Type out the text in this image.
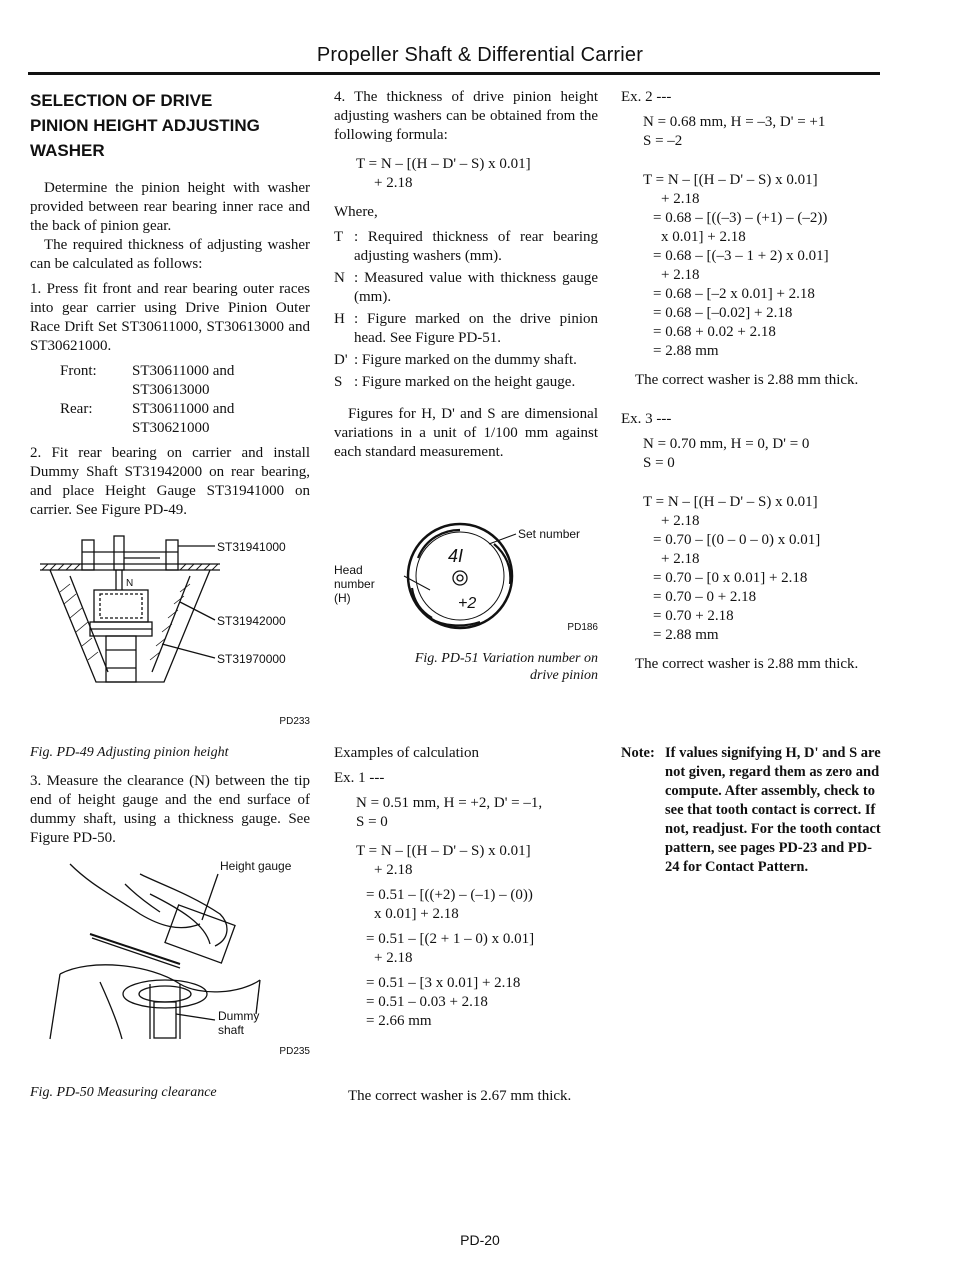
Propeller Shaft & Differential Carrier
SELECTION OF DRIVE PINION HEIGHT ADJUSTING WASHER

Determine the pinion height with washer provided between rear bearing inner race and the back of pinion gear.

The required thickness of adjusting washer can be calculated as follows:

1. Press fit front and rear bearing outer races into gear carrier using Drive Pinion Outer Race Drift Set ST30611000, ST30613000 and ST30621000.

Front:	ST30611000 and
ST30613000
Rear:	ST30611000 and
ST30621000

2. Fit rear bearing on carrier and install Dummy Shaft ST31942000 on rear bearing, and place Height Gauge ST31941000 on carrier. See Figure PD-49.

ST31941000
N
ST31942000
ST31970000
PD233
Fig. PD-49 Adjusting pinion height

3. Measure the clearance (N) between the tip end of height gauge and the end surface of dummy shaft, using a thickness gauge. See Figure PD-50.

Height gauge
Dummy
shaft
PD235
Fig. PD-50 Measuring clearance

4. The thickness of drive pinion height adjusting washers can be obtained from the following formula:

T = N – [(H – D' – S) x 0.01]
+ 2.18
Where,
T : Required thickness of rear bearing adjusting washers (mm).
N : Measured value with thickness gauge (mm).
H : Figure marked on the drive pinion head. See Figure PD-51.
D' : Figure marked on the dummy shaft.
S : Figure marked on the height gauge.

Figures for H, D' and S are dimensional variations in a unit of 1/100 mm against each standard measurement.

4I
+2
Set number
Head
number
(H)
PD186
Fig. PD-51 Variation number on
drive pinion
Examples of calculation
Ex. 1 ---
N = 0.51 mm, H = +2, D' = –1,
S = 0
T = N – [(H – D' – S) x 0.01]
+ 2.18
= 0.51 – [((+2) – (–1) – (0))
x 0.01] + 2.18
= 0.51 – [(2 + 1 – 0) x 0.01]
+ 2.18
= 0.51 – [3 x 0.01] + 2.18
= 0.51 – 0.03 + 2.18
= 2.66 mm

The correct washer is 2.67 mm thick.

Ex. 2 ---
N = 0.68 mm, H = –3, D' = +1
S = –2
T = N – [(H – D' – S) x 0.01]
+ 2.18
= 0.68 – [((–3) – (+1) – (–2))
x 0.01] + 2.18
= 0.68 – [(–3 – 1 + 2) x 0.01]
+ 2.18
= 0.68 – [–2 x 0.01] + 2.18
= 0.68 – [–0.02] + 2.18
= 0.68 + 0.02 + 2.18
= 2.88 mm

The correct washer is 2.88 mm thick.

Ex. 3 ---
N = 0.70 mm, H = 0, D' = 0
S = 0
T = N – [(H – D' – S) x 0.01]
+ 2.18
= 0.70 – [(0 – 0 – 0) x 0.01]
+ 2.18
= 0.70 – [0 x 0.01] + 2.18
= 0.70 – 0 + 2.18
= 0.70 + 2.18
= 2.88 mm

The correct washer is 2.88 mm thick.

Note: If values signifying H, D' and S are not given, regard them as zero and compute. After assembly, check to see that tooth contact is correct. If not, readjust. For the tooth contact pattern, see pages PD-23 and PD-24 for Contact Pattern.
PD-20
